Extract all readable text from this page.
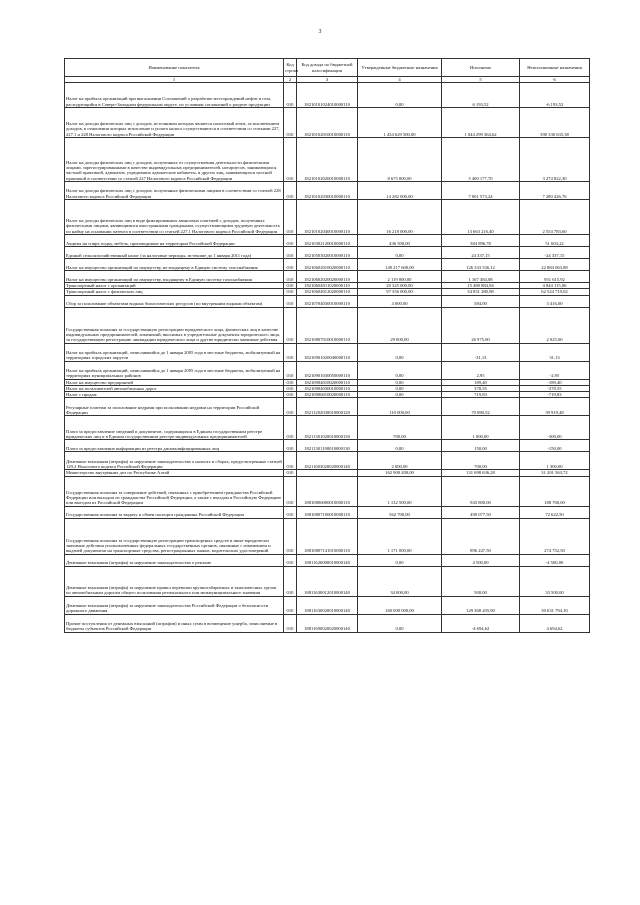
3
Наименование показателя	Код строки	Код дохода по бюджетной классификации	Утвержденные бюджетные назначения	Исполнено	Неисполненные назначения
1	2	3	4	5	6
Налог на прибыль организаций при выполнении Соглашений о разработке месторождений нефти и газа, расходующийся в Северо-Западном федеральном округе, по условиям соглашений о разделе продукции	010	18210101024010000110	0,00	6 193,52	-6 193,52
Налог на доходы физических лиц с доходов, источником которых является налоговый агент, за исключением доходов, в отношении которых исчисление и уплата налога осуществляются в соответствии со статьями 227, 227.1 и 228 Налогового кодекса Российской Федерации	010	18210102010010000110	1 434 629 500,00	1 044 299 364,62	390 330 635,38
Налог на доходы физических лиц с доходов, полученных от осуществления деятельности физическими лицами, зарегистрированными в качестве индивидуальных предпринимателей, нотариусов, занимающихся частной практикой, адвокатов, учредивших адвокатские кабинеты, и других лиц, занимающихся частной практикой в соответствии со статьей 227 Налогового кодекса Российской Федерации	010	18210102020010000110	8 675 000,00	5 400 177,70	3 274 822,30
Налог на доходы физических лиц с доходов, полученных физическими лицами в соответствии со статьей 228 Налогового кодекса Российской Федерации	010	18210102030010000110	14 282 000,00	7 001 573,24	7 280 426,76
Налог на доходы физических лиц в виде фиксированных авансовых платежей с доходов, полученных физическими лицами, являющимися иностранными гражданами, осуществляющими трудовую деятельность по найму на основании патента в соответствии со статьей 227.1 Налогового кодекса Российской Федерации	010	18210102040010000110	16 218 000,00	13 663 216,40	2 554 783,60
Акцизы на спирт, водку, мебель, производимые на территории Российской Федерации	010	18210302120010000110	436 500,00	384 896,78	51 603,22
Единый сельскохозяйственный налог (за налоговые периоды, истекшие до 1 января 2011 года)	010	18210503020010000110	0,00	24 337,15	-24 337,15
Налог на имущество организаций по имуществу, не входящему в Единую систему газоснабжения	010	18210602010020000110	149 217 600,00	126 333 536,12	22 884 063,88
Налог на имущество организаций по имуществу, входящему в Единую систему газоснабжения	010	18210602020020000110	2 119 000,00	1 167 384,08	951 615,92
Транспортный налог с организаций	010	18210604011020000110	20 325 000,00	15 480 884,94	4 844 115,06
Транспортный налог с физических лиц	010	18210604012020000110	97 356 000,00	34 831 280,98	62 524 719,02
Сбор за пользование объектами водных биологических ресурсов (по внутренним водным объектам)	010	18210704030010000110	4 000,00	584,00	3 416,00
Государственная пошлина за государственную регистрацию юридического лица, физических лиц в качестве индивидуальных предпринимателей, изменений, вносимых в учредительные документы юридического лица, за государственную регистрацию ликвидации юридического лица и другие юридически значимые действия	010	18210807010010000110	29 000,00	26 975,00	2 025,00
Налог на прибыль организаций, зачислявшийся до 1 января 2005 года в местные бюджеты, мобилизуемый на территориях городских округов	010	18210901020040000110	0,00	-31,13	31,13
Налог на прибыль организаций, зачислявшийся до 1 января 2005 года в местные бюджеты, мобилизуемый на территориях муниципальных районов	010	18210901030050000110	0,00	2,95	-2,95
Налог на имущество предприятий	010	18210904010020000110	0,00	189,40	-189,40
Налог на пользователей автомобильных дорог	010	18210904030010000110	0,00	378,55	-378,55
Налог с продаж	010	18210906010020000110	0,00	719,83	-719,83
Регулярные платежи за пользование недрами при пользовании недрами на территории Российской Федерации	010	18211202030010000120	110 000,00	70 080,52	39 919,48
Плата за предоставление сведений и документов, содержащихся в Едином государственном реестре юридических лиц и в Едином государственном реестре индивидуальных предпринимателей	010	18211301020010000130	700,00	1 000,00	-300,00
Плата за предоставление информации из реестра дисквалифицированных лиц	010	18211301190010000130	0,00	150,00	-150,00
Денежные взыскания (штрафы) за нарушение законодательства о налогах и сборах, предусмотренные статьей 129.2 Налогового кодекса Российской Федерации	010	18211603020020000140	2 000,00	700,00	1 300,00
Министерство внутренних дел по Республике Алтай	010		162 900 200,00	131 698 636,28	31 201 563,72
Государственная пошлина за совершение действий, связанных с приобретением гражданства Российской Федерации или выходом из гражданства Российской Федерации, а также с въездом в Российскую Федерацию или выездом из Российской Федерации	010	18810806000010000110	1 132 500,00	943 800,00	188 700,00
Государственная пошлина за выдачу и обмен паспорта гражданина Российской Федерации	010	18810807100010000110	562 700,00	490 077,50	72 622,50
Государственная пошлина за государственную регистрацию транспортных средств и иные юридически значимые действия уполномоченных федеральных государственных органов, связанные с изменением и выдачей документов на транспортные средства, регистрационных знаков, водительских удостоверений	010	18810807141010000110	1 171 000,00	896 247,50	274 752,50
Денежные взыскания (штрафы) за нарушение законодательства о рекламе	010	18811626000010000140	0,00	4 500,00	-4 500,00
Денежные взыскания (штрафы) за нарушение правил перевозки крупногабаритных и тяжеловесных грузов по автомобильным дорогам общего пользования регионального или межмуниципального значения	010	18811630012010000140	34 000,00	500,00	33 500,00
Денежные взыскания (штрафы) за нарушение законодательства Российской Федерации о безопасности дорожного движения	010	18811630020010000140	160 000 000,00	129 368 205,90	30 631 794,10
Прочие поступления от денежных взысканий (штрафов) и иных сумм в возмещение ущерба, зачисляемые в бюджеты субъектов Российской Федерации	010	18811690020020000140	0,00	-4 694,62	4 694,62
